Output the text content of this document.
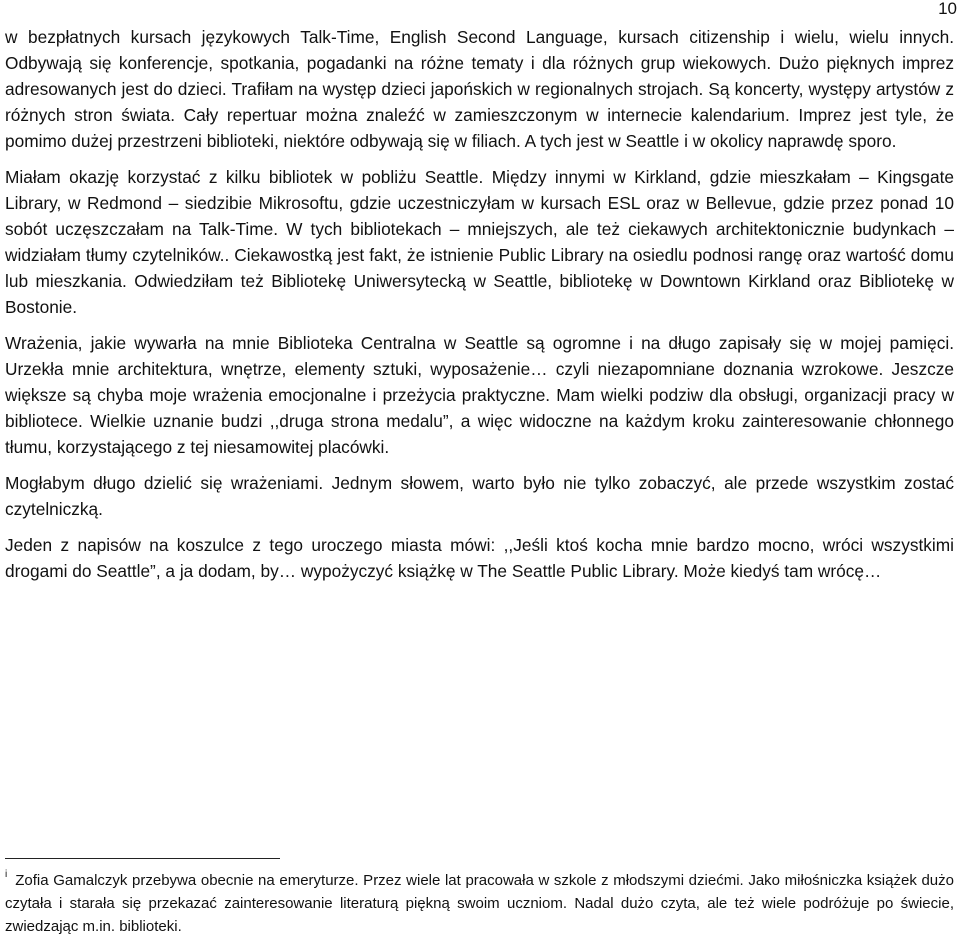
10

w bezpłatnych kursach językowych Talk-Time, English Second Language, kursach citizenship i wielu, wielu innych. Odbywają się konferencje, spotkania, pogadanki na różne tematy i dla różnych grup wiekowych. Dużo pięknych imprez adresowanych jest do dzieci. Trafiłam na występ dzieci japońskich w regionalnych strojach. Są koncerty, występy artystów z różnych stron świata. Cały repertuar można znaleźć w zamieszczonym w internecie kalendarium. Imprez jest tyle, że pomimo dużej przestrzeni biblioteki, niektóre odbywają się w filiach. A tych jest w Seattle i w okolicy naprawdę sporo.

Miałam okazję korzystać z kilku bibliotek w pobliżu Seattle. Między innymi w Kirkland, gdzie mieszkałam – Kingsgate Library, w Redmond – siedzibie Mikrosoftu, gdzie uczestniczyłam w kursach ESL oraz w Bellevue, gdzie przez ponad 10 sobót uczęszczałam na Talk-Time. W tych bibliotekach – mniejszych, ale też ciekawych architektonicznie budynkach – widziałam tłumy czytelników.. Ciekawostką jest fakt, że istnienie Public Library na osiedlu podnosi rangę oraz wartość domu lub mieszkania. Odwiedziłam też Bibliotekę Uniwersytecką w Seattle, bibliotekę w Downtown Kirkland oraz Bibliotekę w Bostonie.

Wrażenia, jakie wywarła na mnie Biblioteka Centralna w Seattle są ogromne i na długo zapisały się w mojej pamięci. Urzekła mnie architektura, wnętrze, elementy sztuki, wyposażenie… czyli niezapomniane doznania wzrokowe. Jeszcze większe są chyba moje wrażenia emocjonalne i przeżycia praktyczne. Mam wielki podziw dla obsługi, organizacji pracy w bibliotece. Wielkie uznanie budzi ,,druga strona medalu”, a więc widoczne na każdym kroku zainteresowanie chłonnego tłumu, korzystającego z tej niesamowitej placówki.

Mogłabym długo dzielić się wrażeniami. Jednym słowem, warto było nie tylko zobaczyć, ale przede wszystkim zostać czytelniczką.

Jeden z napisów na koszulce z tego uroczego miasta mówi: ,,Jeśli ktoś kocha mnie bardzo mocno, wróci wszystkimi drogami do Seattle”, a ja dodam, by… wypożyczyć książkę w The Seattle Public Library. Może kiedyś tam wrócę…

$^i$ Zofia Gamalczyk przebywa obecnie na emeryturze. Przez wiele lat pracowała w szkole z młodszymi dziećmi. Jako miłośniczka książek dużo czytała i starała się przekazać zainteresowanie literaturą piękną swoim uczniom. Nadal dużo czyta, ale też wiele podróżuje po świecie, zwiedzając m.in. biblioteki.
